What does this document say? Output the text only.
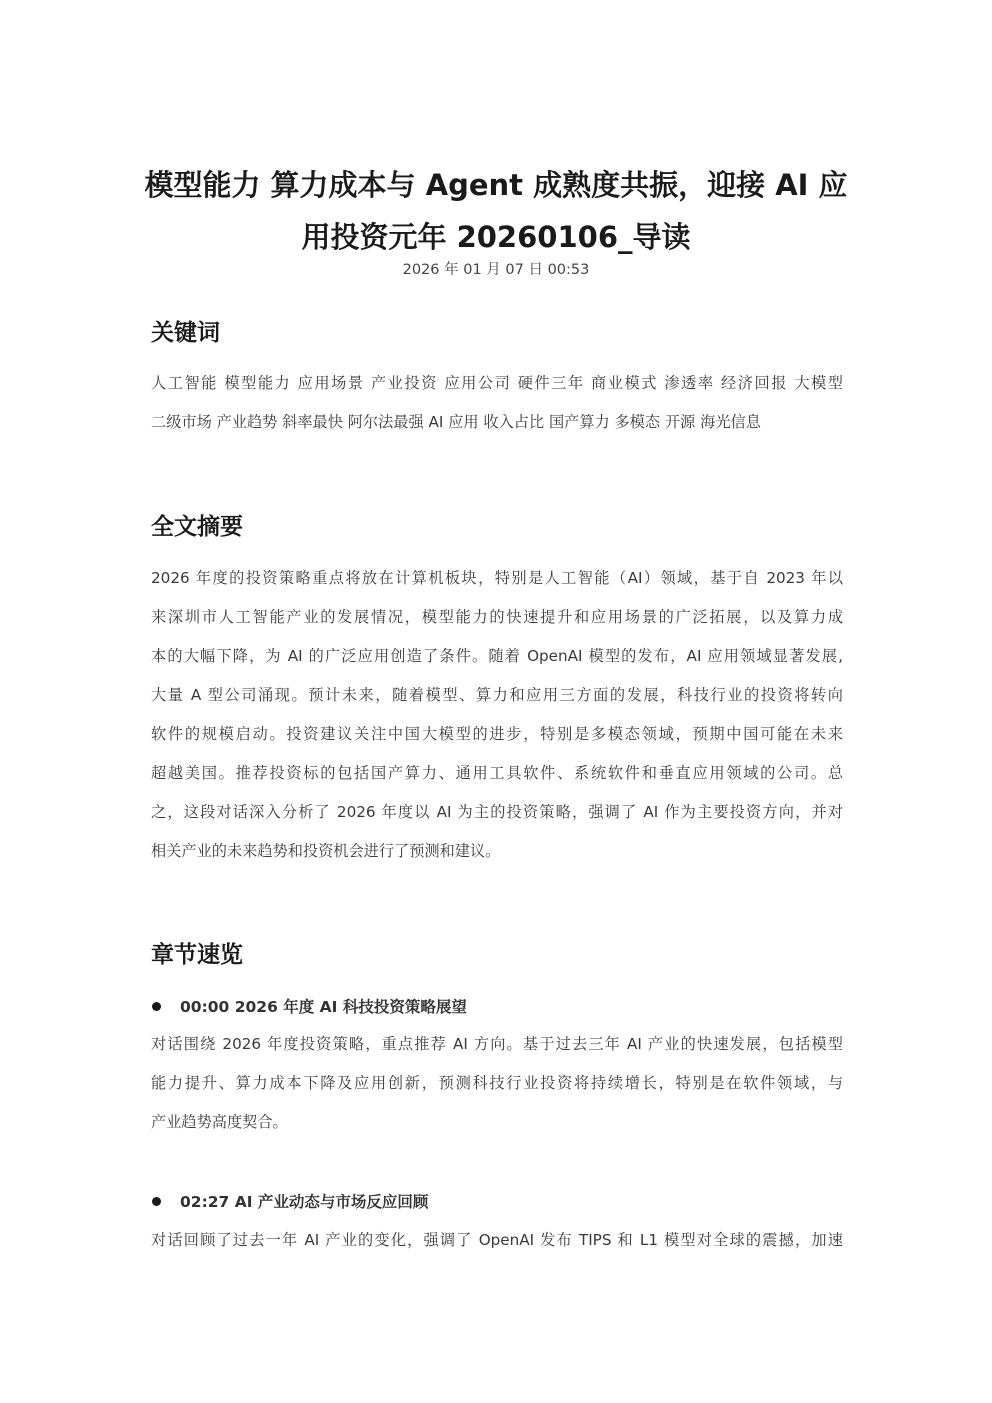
模型能力 算力成本与 Agent 成熟度共振，迎接 AI 应
用投资元年 20260106_导读
2026 年 01 月 07 日 00:53
关键词
人工智能 模型能力 应用场景 产业投资 应用公司 硬件三年 商业模式 渗透率 经济回报 大模型
二级市场 产业趋势 斜率最快 阿尔法最强 AI 应用 收入占比 国产算力 多模态 开源 海光信息
全文摘要
2026 年度的投资策略重点将放在计算机板块，特别是人工智能（AI）领域，基于自 2023 年以
来深圳市人工智能产业的发展情况，模型能力的快速提升和应用场景的广泛拓展，以及算力成
本的大幅下降，为 AI 的广泛应用创造了条件。随着 OpenAI 模型的发布，AI 应用领域显著发展,
大量 A 型公司涌现。预计未来，随着模型、算力和应用三方面的发展，科技行业的投资将转向
软件的规模启动。投资建议关注中国大模型的进步，特别是多模态领域，预期中国可能在未来
超越美国。推荐投资标的包括国产算力、通用工具软件、系统软件和垂直应用领域的公司。总
之，这段对话深入分析了 2026 年度以 AI 为主的投资策略，强调了 AI 作为主要投资方向，并对
相关产业的未来趋势和投资机会进行了预测和建议。
章节速览
00:00 2026 年度 AI 科技投资策略展望
对话围绕 2026 年度投资策略，重点推荐 AI 方向。基于过去三年 AI 产业的快速发展，包括模型
能力提升、算力成本下降及应用创新，预测科技行业投资将持续增长，特别是在软件领域，与
产业趋势高度契合。
02:27 AI 产业动态与市场反应回顾
对话回顾了过去一年 AI 产业的变化，强调了 OpenAI 发布 TIPS 和 L1 模型对全球的震撼，加速
